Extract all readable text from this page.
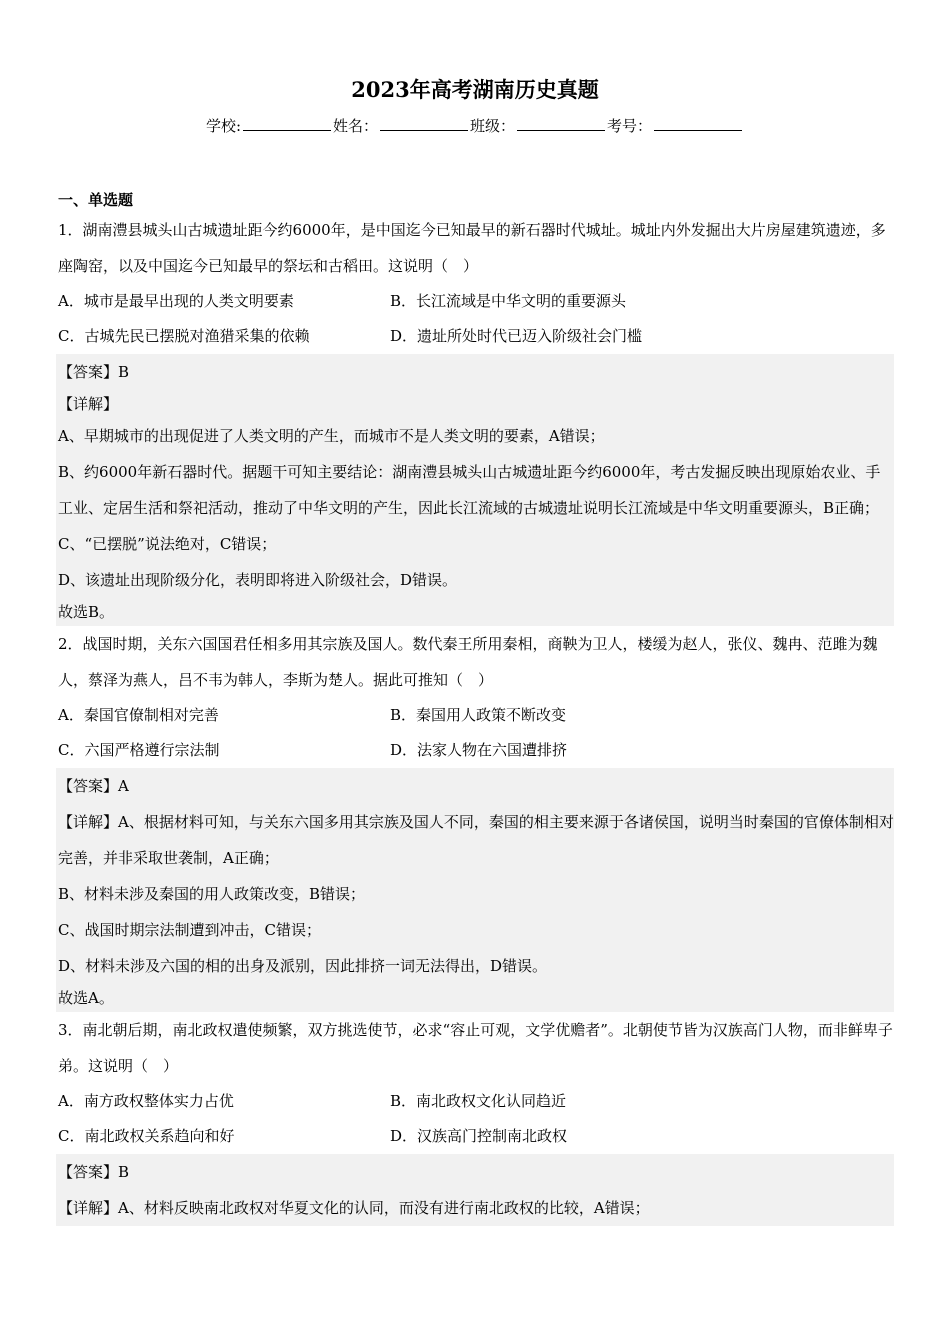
2023年高考湖南历史真题
学校:	姓名：	班级：	考号：
一、单选题

1．湖南澧县城头山古城遗址距今约6000年，是中国迄今已知最早的新石器时代城址。城址内外发掘出大片房屋建筑遗迹，多座陶窑，以及中国迄今已知最早的祭坛和古稻田。这说明（　）

A．城市是最早出现的人类文明要素	B．长江流域是中华文明的重要源头
C．古城先民已摆脱对渔猎采集的依赖	D．遗址所处时代已迈入阶级社会门槛

【答案】B

【详解】

A、早期城市的出现促进了人类文明的产生，而城市不是人类文明的要素，A错误；

B、约6000年新石器时代。据题干可知主要结论：湖南澧县城头山古城遗址距今约6000年，考古发掘反映出现原始农业、手工业、定居生活和祭祀活动，推动了中华文明的产生，因此长江流域的古城遗址说明长江流域是中华文明重要源头，B正确；

C、“已摆脱”说法绝对，C错误；

D、该遗址出现阶级分化，表明即将进入阶级社会，D错误。

故选B。

2．战国时期，关东六国国君任相多用其宗族及国人。数代秦王所用秦相，商鞅为卫人，楼缓为赵人，张仪、魏冉、范雎为魏人，蔡泽为燕人，吕不韦为韩人，李斯为楚人。据此可推知（　）

A．秦国官僚制相对完善	B．秦国用人政策不断改变
C．六国严格遵行宗法制	D．法家人物在六国遭排挤

【答案】A

【详解】A、根据材料可知，与关东六国多用其宗族及国人不同，秦国的相主要来源于各诸侯国，说明当时秦国的官僚体制相对完善，并非采取世袭制，A正确；

B、材料未涉及秦国的用人政策改变，B错误；

C、战国时期宗法制遭到冲击，C错误；

D、材料未涉及六国的相的出身及派别，因此排挤一词无法得出，D错误。

故选A。

3．南北朝后期，南北政权遣使频繁，双方挑选使节，必求“容止可观，文学优赡者”。北朝使节皆为汉族高门人物，而非鲜卑子弟。这说明（　）

A．南方政权整体实力占优	B．南北政权文化认同趋近
C．南北政权关系趋向和好	D．汉族高门控制南北政权

【答案】B

【详解】A、材料反映南北政权对华夏文化的认同，而没有进行南北政权的比较，A错误；
